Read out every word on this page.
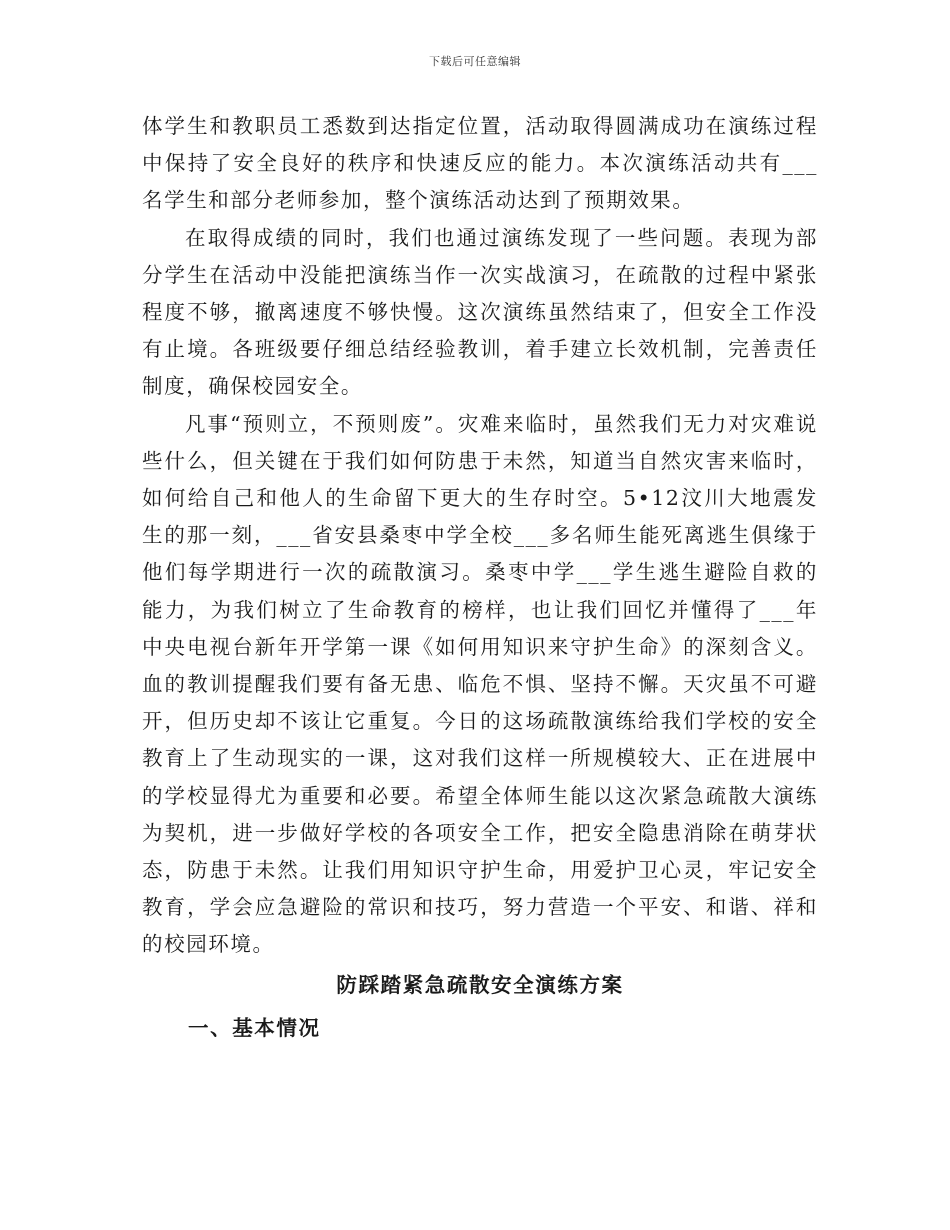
下载后可任意编辑

体学生和教职员工悉数到达指定位置，活动取得圆满成功在演练过程中保持了安全良好的秩序和快速反应的能力。本次演练活动共有___名学生和部分老师参加，整个演练活动达到了预期效果。

在取得成绩的同时，我们也通过演练发现了一些问题。表现为部分学生在活动中没能把演练当作一次实战演习，在疏散的过程中紧张程度不够，撤离速度不够快慢。这次演练虽然结束了，但安全工作没有止境。各班级要仔细总结经验教训，着手建立长效机制，完善责任制度，确保校园安全。

凡事“预则立，不预则废”。灾难来临时，虽然我们无力对灾难说些什么，但关键在于我们如何防患于未然，知道当自然灾害来临时，如何给自己和他人的生命留下更大的生存时空。5•12汶川大地震发生的那一刻，___省安县桑枣中学全校___多名师生能死离逃生俱缘于他们每学期进行一次的疏散演习。桑枣中学___学生逃生避险自救的能力，为我们树立了生命教育的榜样，也让我们回忆并懂得了___年中央电视台新年开学第一课《如何用知识来守护生命》的深刻含义。血的教训提醒我们要有备无患、临危不惧、坚持不懈。天灾虽不可避开，但历史却不该让它重复。今日的这场疏散演练给我们学校的安全教育上了生动现实的一课，这对我们这样一所规模较大、正在进展中的学校显得尤为重要和必要。希望全体师生能以这次紧急疏散大演练为契机，进一步做好学校的各项安全工作，把安全隐患消除在萌芽状态，防患于未然。让我们用知识守护生命，用爱护卫心灵，牢记安全教育，学会应急避险的常识和技巧，努力营造一个平安、和谐、祥和的校园环境。

防踩踏紧急疏散安全演练方案
一、基本情况
